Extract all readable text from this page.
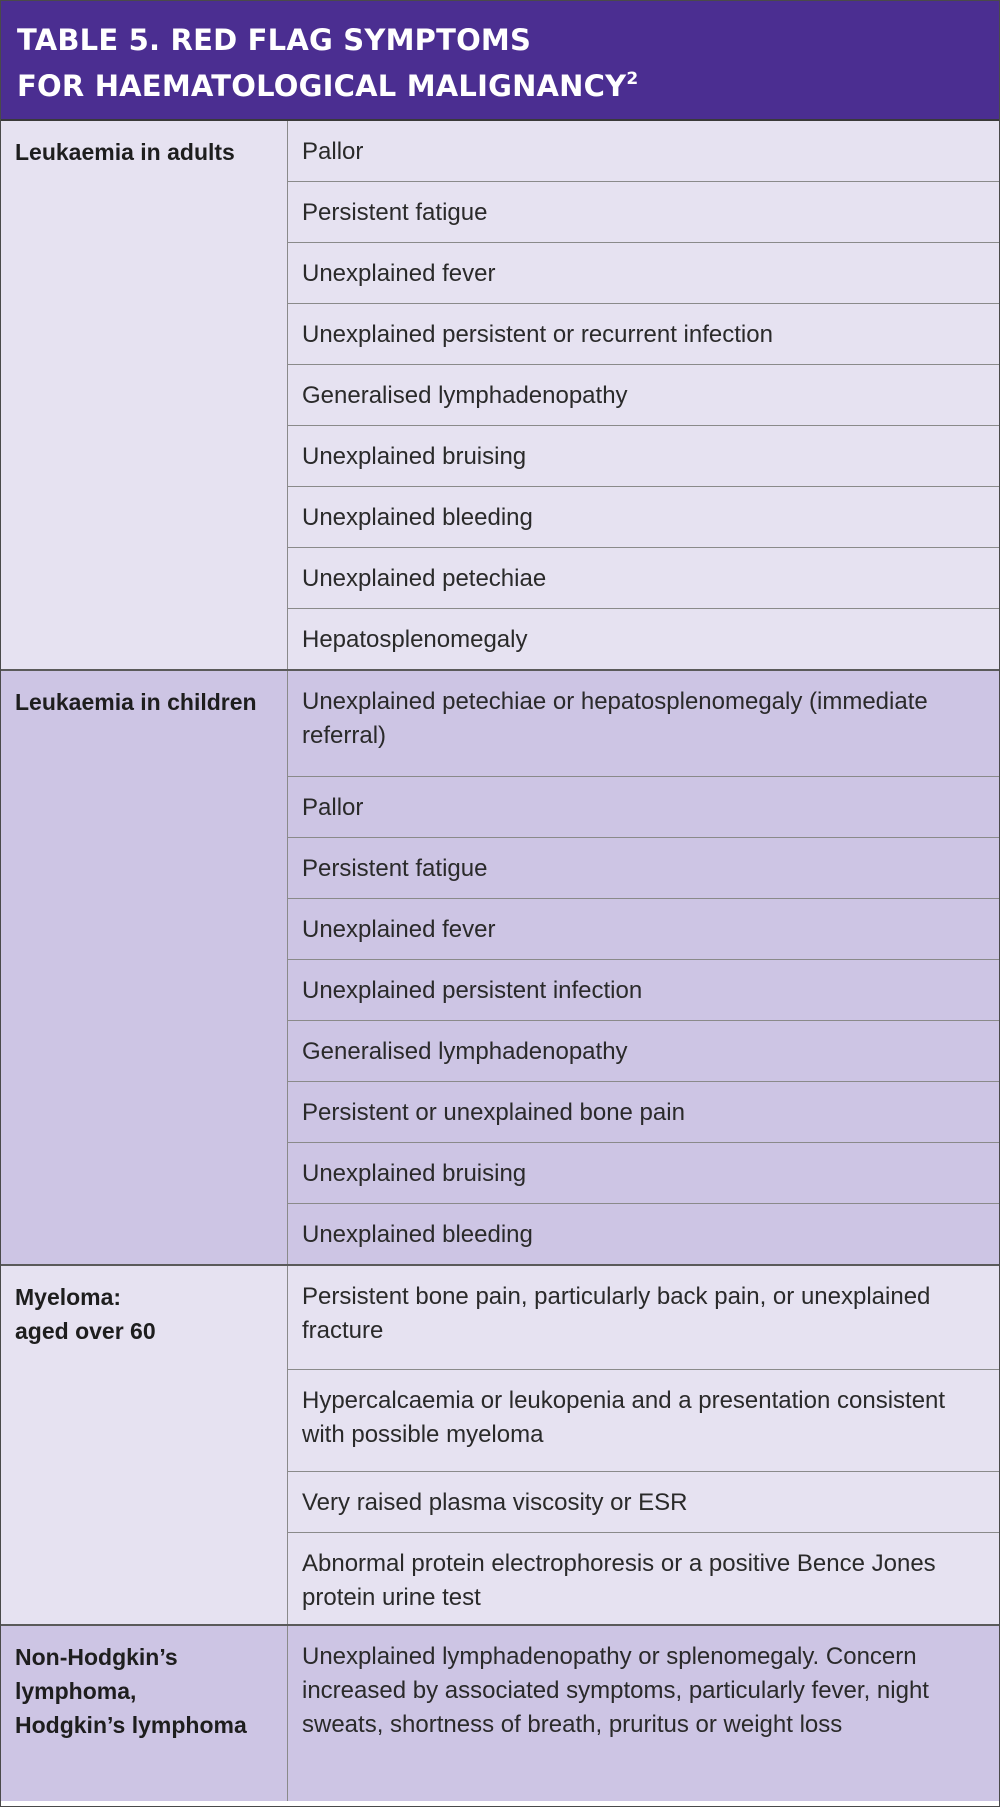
TABLE 5. RED FLAG SYMPTOMS
FOR HAEMATOLOGICAL MALIGNANCY$^2$
Leukaemia in adults	Pallor
Persistent fatigue
Unexplained fever
Unexplained persistent or recurrent infection
Generalised lymphadenopathy
Unexplained bruising
Unexplained bleeding
Unexplained petechiae
Hepatosplenomegaly
Leukaemia in children	Unexplained petechiae or hepatosplenomegaly (immediate referral)
Pallor
Persistent fatigue
Unexplained fever
Unexplained persistent infection
Generalised lymphadenopathy
Persistent or unexplained bone pain
Unexplained bruising
Unexplained bleeding
Myeloma:
aged over 60
Persistent bone pain, particularly back pain, or unexplained fracture
Hypercalcaemia or leukopenia and a presentation consistent with possible myeloma
Very raised plasma viscosity or ESR
Abnormal protein electrophoresis or a positive Bence Jones protein urine test
Non-Hodgkin’s
lymphoma,
Hodgkin’s lymphoma
Unexplained lymphadenopathy or splenomegaly. Concern increased by associated symptoms, particularly fever, night sweats, shortness of breath, pruritus or weight loss
